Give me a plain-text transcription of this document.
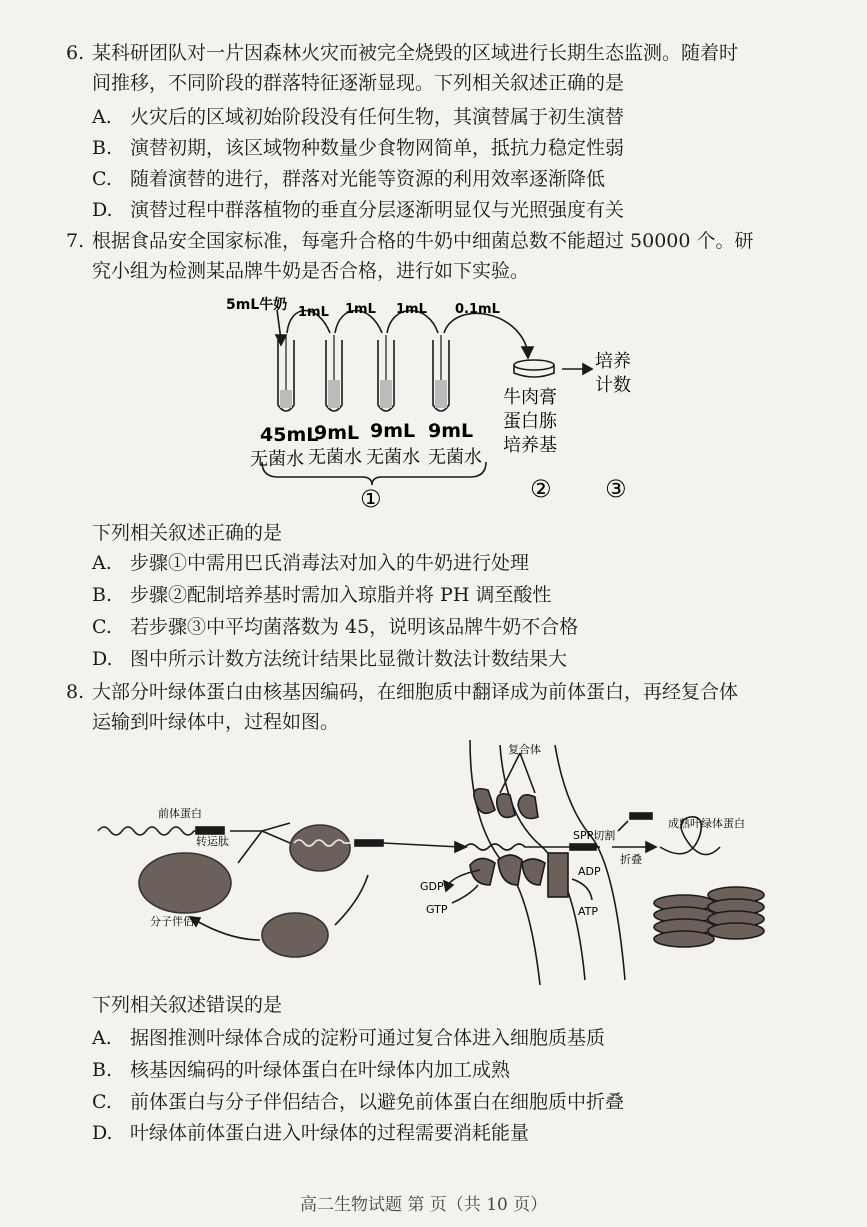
6. 某科研团队对一片因森林火灾而被完全烧毁的区域进行长期生态监测。随着时

间推移，不同阶段的群落特征逐渐显现。下列相关叙述正确的是

A. 火灾后的区域初始阶段没有任何生物，其演替属于初生演替
B. 演替初期，该区域物种数量少食物网简单，抵抗力稳定性弱
C. 随着演替的进行，群落对光能等资源的利用效率逐渐降低
D. 演替过程中群落植物的垂直分层逐渐明显仅与光照强度有关

7. 根据食品安全国家标准，每毫升合格的牛奶中细菌总数不能超过 50000 个。研

究小组为检测某品牌牛奶是否合格，进行如下实验。

5mL牛奶 1mL 1mL 1mL 0.1mL
45mL
9mL 9mL 9mL
无菌水 无菌水 无菌水 无菌水
牛肉膏
蛋白胨
培养基
培养
计数
①	② ③
下列相关叙述正确的是
A. 步骤①中需用巴氏消毒法对加入的牛奶进行处理
B. 步骤②配制培养基时需加入琼脂并将 PH 调至酸性
C. 若步骤③中平均菌落数为 45，说明该品牌牛奶不合格
D. 图中所示计数方法统计结果比显微计数法计数结果大

8. 大部分叶绿体蛋白由核基因编码，在细胞质中翻译成为前体蛋白，再经复合体

运输到叶绿体中，过程如图。

前体蛋白
转运肽
分子伴侣
复合体
GDP
GTP
ADP
ATP
SPP切割
折叠
成熟叶绿体蛋白
下列相关叙述错误的是
A. 据图推测叶绿体合成的淀粉可通过复合体进入细胞质基质
B. 核基因编码的叶绿体蛋白在叶绿体内加工成熟
C. 前体蛋白与分子伴侣结合，以避免前体蛋白在细胞质中折叠
D. 叶绿体前体蛋白进入叶绿体的过程需要消耗能量
高二生物试题 第 页（共 10 页）
